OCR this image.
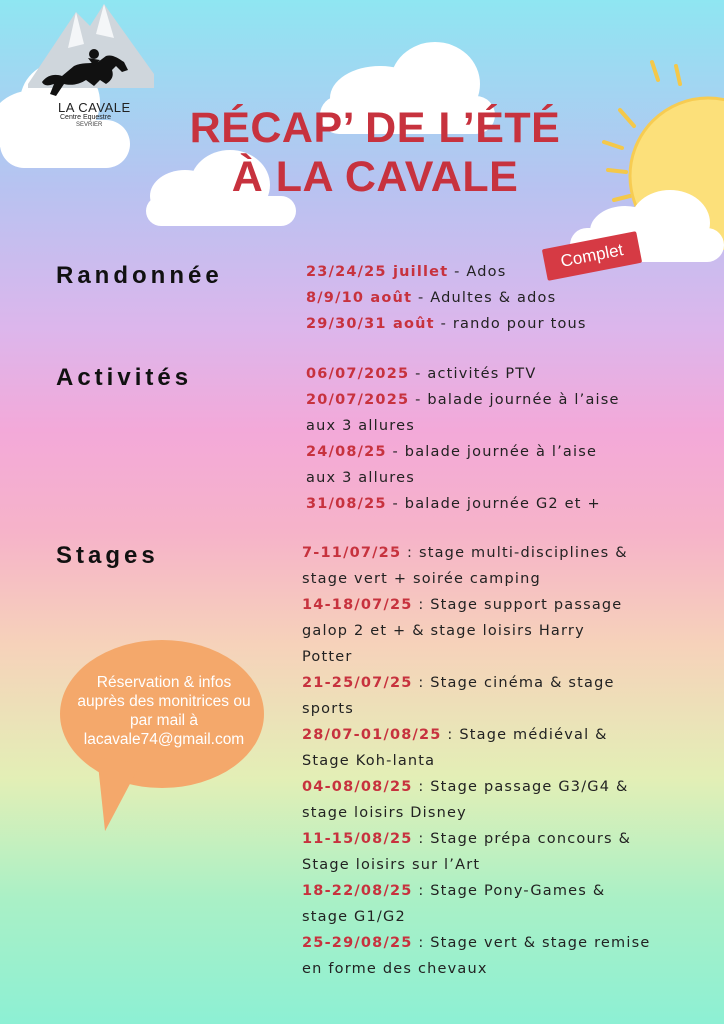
LA CAVALE
Centre Equestre
SEVRIER	RÉCAP’ DE L’ÉTÉ
À LA CAVALE
Randonnée	23/24/25 juillet - Ados
8/9/10 août - Adultes & ados
29/30/31 août - rando pour tous
Complet
Activités	06/07/2025 - activités PTV
20/07/2025 - balade journée à l’aise
aux 3 allures
24/08/25 - balade journée à l’aise
aux 3 allures
31/08/25 - balade journée G2 et +
Stages	7-11/07/25 : stage multi-disciplines &
stage vert + soirée camping
14-18/07/25 : Stage support passage
galop 2 et + & stage loisirs Harry
Potter
21-25/07/25 : Stage cinéma & stage
sports
28/07-01/08/25 : Stage médiéval &
Stage Koh-lanta
04-08/08/25 : Stage passage G3/G4 &
stage loisirs Disney
11-15/08/25 : Stage prépa concours &
Stage loisirs sur l’Art
18-22/08/25 : Stage Pony-Games &
stage G1/G2
25-29/08/25 : Stage vert & stage remise
en forme des chevaux
Réservation & infos
auprès des monitrices ou
par mail à
lacavale74@gmail.com
